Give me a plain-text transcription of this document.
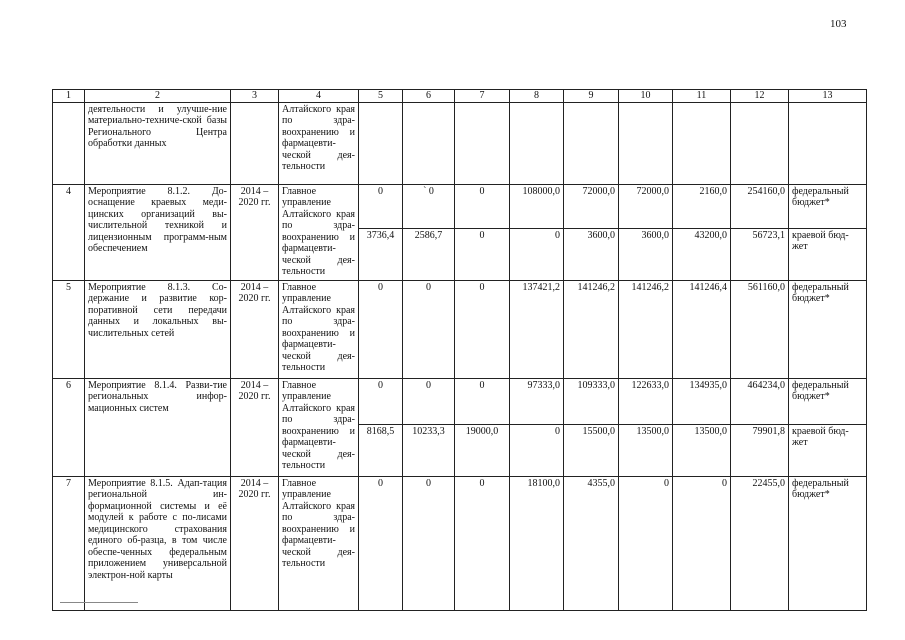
103
1	2	3	4	5	6	7	8	9	10	11	12	13
	деятельности и улучше-ние материально-техниче-ской базы Регионального Центра обработки данных		Алтайского края по здра-воохранению и фармацевти-ческой дея-тельности									
4	Мероприятие 8.1.2. До-оснащение краевых меди-цинских организаций вы-числительной техникой и лицензионным программ-ным обеспечением	2014 – 2020 гг.	Главное управление Алтайского края по здра-воохранению и фармацевти-ческой дея-тельности	0	` 0	0	108000,0	72000,0	72000,0	2160,0	254160,0	федеральный бюджет*
				3736,4	2586,7	0	0	3600,0	3600,0	43200,0	56723,1	краевой бюд-жет
5	Мероприятие 8.1.3. Со-держание и развитие кор-поративной сети передачи данных и локальных вы-числительных сетей	2014 – 2020 гг.	Главное управление Алтайского края по здра-воохранению и фармацевти-ческой дея-тельности	0	0	0	137421,2	141246,2	141246,2	141246,4	561160,0	федеральный бюджет*
6	Мероприятие 8.1.4. Разви-тие региональных инфор-мационных систем	2014 – 2020 гг.	Главное управление Алтайского края по здра-воохранению и фармацевти-ческой дея-тельности	0	0	0	97333,0	109333,0	122633,0	134935,0	464234,0	федеральный бюджет*
				8168,5	10233,3	19000,0	0	15500,0	13500,0	13500,0	79901,8	краевой бюд-жет
7	Мероприятие 8.1.5. Адап-тация региональной ин-формационной системы и её модулей к работе с по-лисами медицинского страхования единого об-разца, в том числе обеспе-ченных федеральным приложением универсальной электрон-ной карты	2014 – 2020 гг.	Главное управление Алтайского края по здра-воохранению и фармацевти-ческой дея-тельности	0	0	0	18100,0	4355,0	0	0	22455,0	федеральный бюджет*
